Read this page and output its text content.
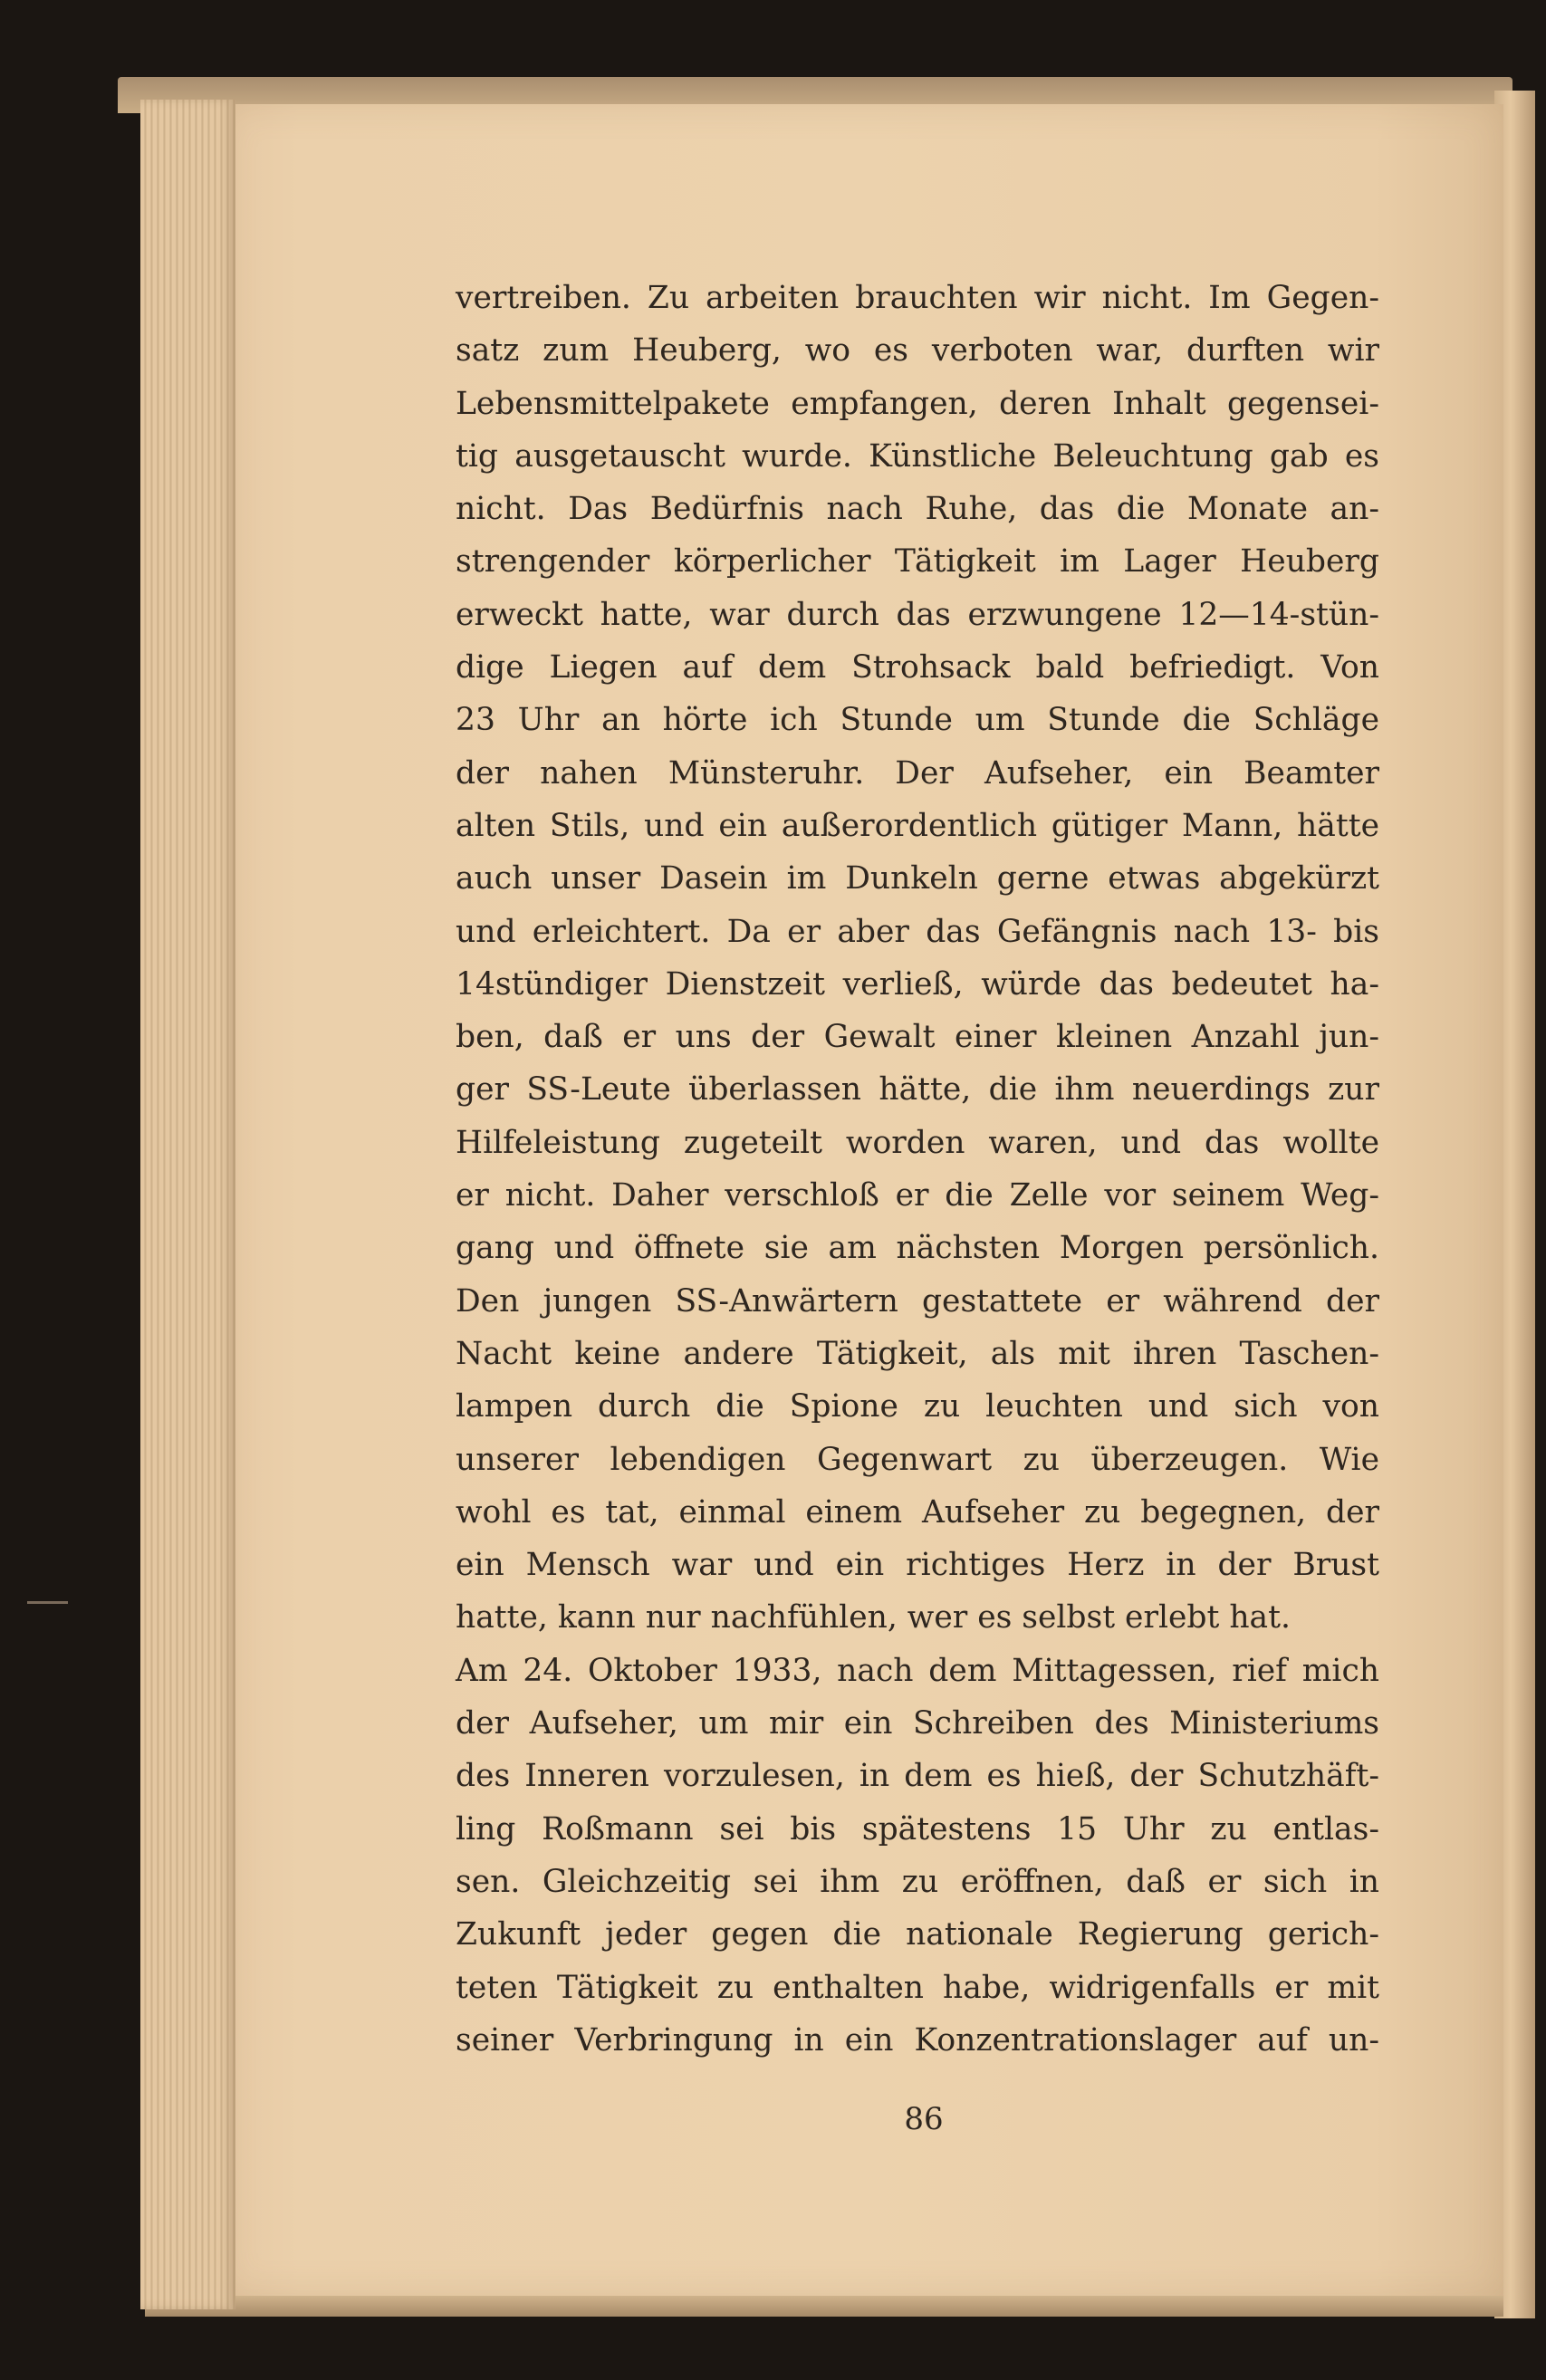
vertreiben. Zu arbeiten brauchten wir nicht. Im Gegen-
satz zum Heuberg, wo es verboten war, durften wir
Lebensmittelpakete empfangen, deren Inhalt gegensei-
tig ausgetauscht wurde. Künstliche Beleuchtung gab es
nicht. Das Bedürfnis nach Ruhe, das die Monate an-
strengender körperlicher Tätigkeit im Lager Heuberg
erweckt hatte, war durch das erzwungene 12—14-stün-
dige Liegen auf dem Strohsack bald befriedigt. Von
23 Uhr an hörte ich Stunde um Stunde die Schläge
der nahen Münsteruhr. Der Aufseher, ein Beamter
alten Stils, und ein außerordentlich gütiger Mann, hätte
auch unser Dasein im Dunkeln gerne etwas abgekürzt
und erleichtert. Da er aber das Gefängnis nach 13- bis
14stündiger Dienstzeit verließ, würde das bedeutet ha-
ben, daß er uns der Gewalt einer kleinen Anzahl jun-
ger SS-Leute überlassen hätte, die ihm neuerdings zur
Hilfeleistung zugeteilt worden waren, und das wollte
er nicht. Daher verschloß er die Zelle vor seinem Weg-
gang und öffnete sie am nächsten Morgen persönlich.
Den jungen SS-Anwärtern gestattete er während der
Nacht keine andere Tätigkeit, als mit ihren Taschen-
lampen durch die Spione zu leuchten und sich von
unserer lebendigen Gegenwart zu überzeugen. Wie
wohl es tat, einmal einem Aufseher zu begegnen, der
ein Mensch war und ein richtiges Herz in der Brust
hatte, kann nur nachfühlen, wer es selbst erlebt hat.
Am 24. Oktober 1933, nach dem Mittagessen, rief mich
der Aufseher, um mir ein Schreiben des Ministeriums
des Inneren vorzulesen, in dem es hieß, der Schutzhäft-
ling Roßmann sei bis spätestens 15 Uhr zu entlas-
sen. Gleichzeitig sei ihm zu eröffnen, daß er sich in
Zukunft jeder gegen die nationale Regierung gerich-
teten Tätigkeit zu enthalten habe, widrigenfalls er mit
seiner Verbringung in ein Konzentrationslager auf un-
86
